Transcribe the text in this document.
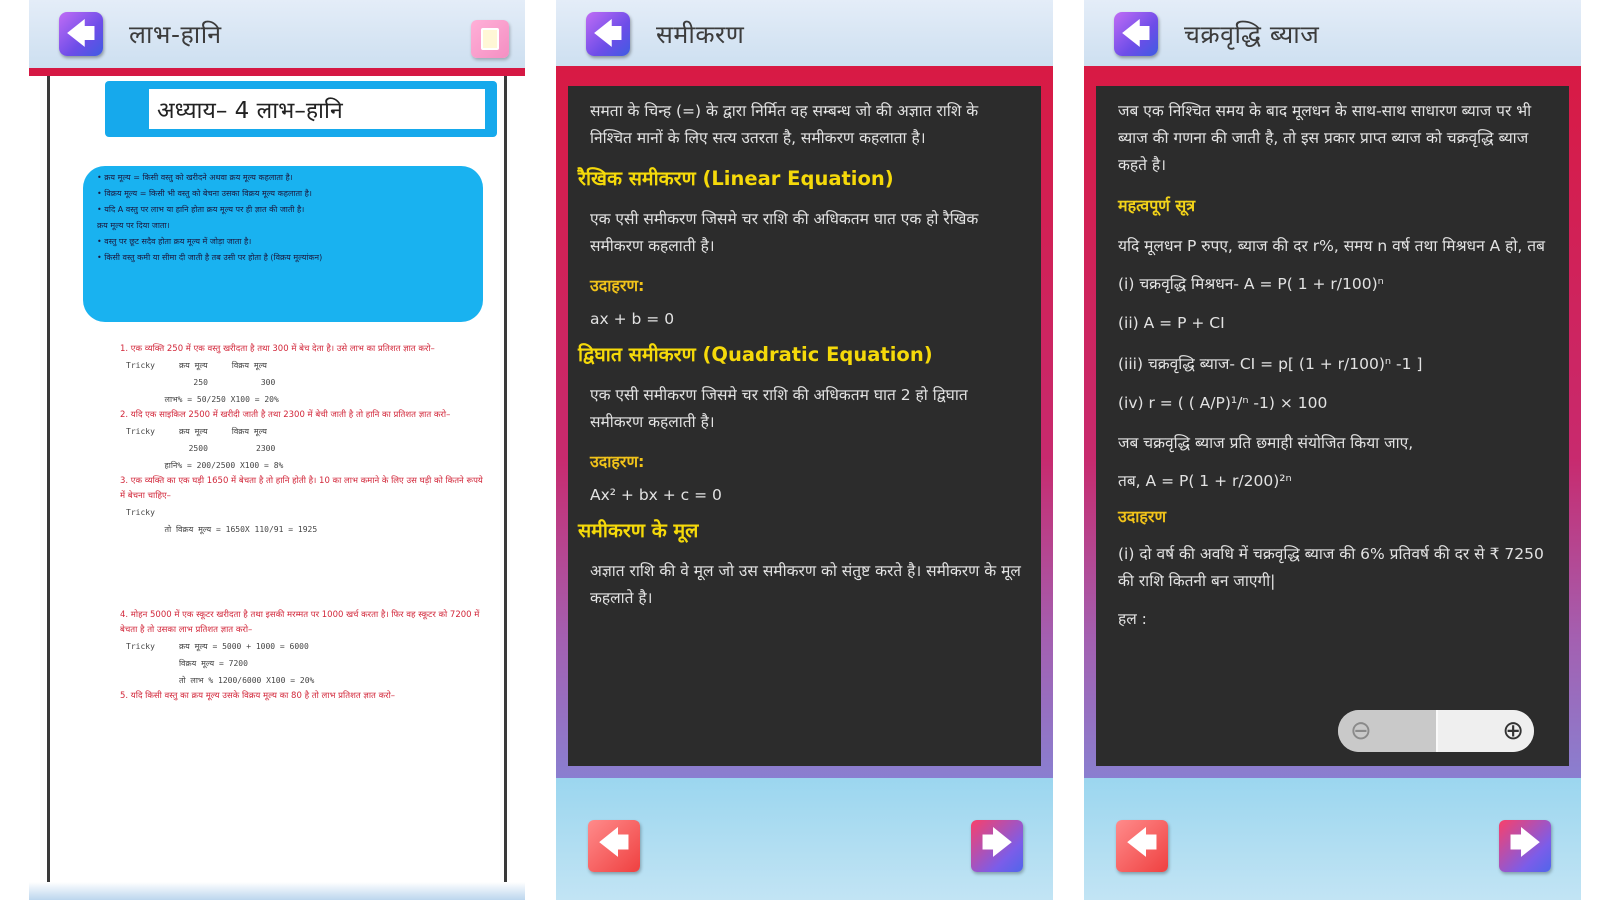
🡄 लाभ-हानि
अध्याय– 4 लाभ–हानि
• क्रय मूल्य = किसी वस्तु को खरीदने अथवा क्रय मूल्य कहलाता है।
• विक्रय मूल्य = किसी भी वस्तु को बेचना उसका विक्रय मूल्य कहलाता है।
• यदि A वस्तु पर लाभ या हानि होता क्रय मूल्य पर ही ज्ञात की जाती है।
क्रय मूल्य पर दिया जाता।
• वस्तु पर छूट सदैव होता क्रय मूल्य में जोड़ा जाता है।
• किसी वस्तु कमी या सीमा दी जाती है तब उसी पर होता है (विक्रय मूल्यांकन)
1. एक व्यक्ति 250 में एक वस्तु खरीदता है तथा 300 में बेच देता है। उसे लाभ का प्रतिशत ज्ञात करो–
Tricky     क्रय मूल्य     विक्रय मूल्य
250           300
लाभ% = 50/250 X100 = 20%
2. यदि एक साइकिल 2500 में खरीदी जाती है तथा 2300 में बेची जाती है तो हानि का प्रतिशत ज्ञात करो–
Tricky     क्रय मूल्य     विक्रय मूल्य
2500          2300
हानि% = 200/2500 X100 = 8%
3. एक व्यक्ति का एक घड़ी 1650 में बेचता है तो हानि होती है। 10 का लाभ कमाने के लिए उस घड़ी को कितने रूपये में बेचना चाहिए–
Tricky
तो विक्रय मूल्य = 1650X 110/91 = 1925
4. मोहन 5000 में एक स्कूटर खरीदता है तथा इसकी मरम्मत पर 1000 खर्च करता है। फिर वह स्कूटर को 7200 में बेचता है तो उसका लाभ प्रतिशत ज्ञात करो–
Tricky     क्रय मूल्य = 5000 + 1000 = 6000
विक्रय मूल्य = 7200
तो लाभ % 1200/6000 X100 = 20%
5. यदि किसी वस्तु का क्रय मूल्य उसके विक्रय मूल्य का 80 है तो लाभ प्रतिशत ज्ञात करो–
🡄 समीकरण
समता के चिन्ह (=) के द्वारा निर्मित वह सम्बन्ध जो की अज्ञात राशि के निश्चित मानों के लिए सत्य उतरता है, समीकरण कहलाता है।
रैखिक समीकरण (Linear Equation)
एक एसी समीकरण जिसमे चर राशि की अधिकतम घात एक हो रैखिक समीकरण कहलाती है।
उदाहरण:
ax + b = 0
द्विघात समीकरण (Quadratic Equation)
एक एसी समीकरण जिसमे चर राशि की अधिकतम घात 2 हो द्विघात समीकरण कहलाती है।
उदाहरण:
Ax² + bx + c = 0
समीकरण के मूल
अज्ञात राशि की वे मूल जो उस समीकरण को संतुष्ट करते है। समीकरण के मूल कहलाते है।
🡄	🡆
🡄 चक्रवृद्धि ब्याज
जब एक निश्चित समय के बाद मूलधन के साथ-साथ साधारण ब्याज पर भी ब्याज की गणना की जाती है, तो इस प्रकार प्राप्त ब्याज को चक्रवृद्धि ब्याज कहते है।
महत्वपूर्ण सूत्र
यदि मूलधन P रुपए, ब्याज की दर r%, समय n वर्ष तथा मिश्रधन A हो, तब
(i) चक्रवृद्धि मिश्रधन- A = P( 1 + r/100)ⁿ
(ii) A = P + CI
(iii) चक्रवृद्धि ब्याज- CI = p[ (1 + r/100)ⁿ -1 ]
(iv) r = ( ( A/P)¹/ⁿ -1) × 100
जब चक्रवृद्धि ब्याज प्रति छमाही संयोजित किया जाए,
तब, A = P( 1 + r/200)²ⁿ
उदाहरण
(i) दो वर्ष की अवधि में चक्रवृद्धि ब्याज की 6% प्रतिवर्ष की दर से ₹ 7250 की राशि कितनी बन जाएगी|
हल :
⊖	⊕
🡄	🡆
